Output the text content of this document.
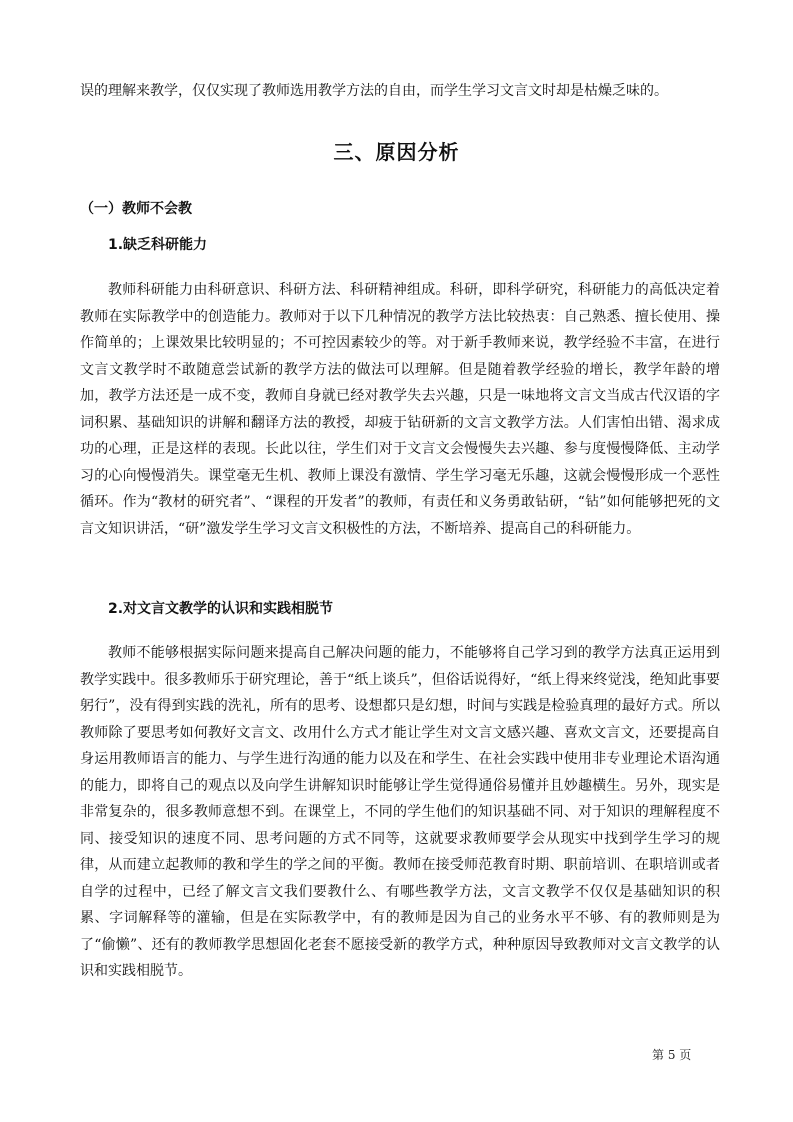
误的理解来教学，仅仅实现了教师选用教学方法的自由，而学生学习文言文时却是枯燥乏味的。
三、原因分析
（一）教师不会教
1.缺乏科研能力

教师科研能力由科研意识、科研方法、科研精神组成。科研，即科学研究，科研能力的高低决定着教师在实际教学中的创造能力。教师对于以下几种情况的教学方法比较热衷：自己熟悉、擅长使用、操作简单的；上课效果比较明显的；不可控因素较少的等。对于新手教师来说，教学经验不丰富，在进行文言文教学时不敢随意尝试新的教学方法的做法可以理解。但是随着教学经验的增长，教学年龄的增加，教学方法还是一成不变，教师自身就已经对教学失去兴趣，只是一味地将文言文当成古代汉语的字词积累、基础知识的讲解和翻译方法的教授，却疲于钻研新的文言文教学方法。人们害怕出错、渴求成功的心理，正是这样的表现。长此以往，学生们对于文言文会慢慢失去兴趣、参与度慢慢降低、主动学习的心向慢慢消失。课堂毫无生机、教师上课没有激情、学生学习毫无乐趣，这就会慢慢形成一个恶性循环。作为“教材的研究者”、“课程的开发者”的教师，有责任和义务勇敢钻研，“钻”如何能够把死的文言文知识讲活，“研”激发学生学习文言文积极性的方法，不断培养、提高自己的科研能力。

2.对文言文教学的认识和实践相脱节

教师不能够根据实际问题来提高自己解决问题的能力，不能够将自己学习到的教学方法真正运用到教学实践中。很多教师乐于研究理论，善于“纸上谈兵”，但俗话说得好，“纸上得来终觉浅，绝知此事要躬行”，没有得到实践的洗礼，所有的思考、设想都只是幻想，时间与实践是检验真理的最好方式。所以教师除了要思考如何教好文言文、改用什么方式才能让学生对文言文感兴趣、喜欢文言文，还要提高自身运用教师语言的能力、与学生进行沟通的能力以及在和学生、在社会实践中使用非专业理论术语沟通的能力，即将自己的观点以及向学生讲解知识时能够让学生觉得通俗易懂并且妙趣横生。另外，现实是非常复杂的，很多教师意想不到。在课堂上，不同的学生他们的知识基础不同、对于知识的理解程度不同、接受知识的速度不同、思考问题的方式不同等，这就要求教师要学会从现实中找到学生学习的规律，从而建立起教师的教和学生的学之间的平衡。教师在接受师范教育时期、职前培训、在职培训或者自学的过程中，已经了解文言文我们要教什么、有哪些教学方法，文言文教学不仅仅是基础知识的积累、字词解释等的灌输，但是在实际教学中，有的教师是因为自己的业务水平不够、有的教师则是为了“偷懒”、还有的教师教学思想固化老套不愿接受新的教学方式，种种原因导致教师对文言文教学的认识和实践相脱节。

第 5 页
